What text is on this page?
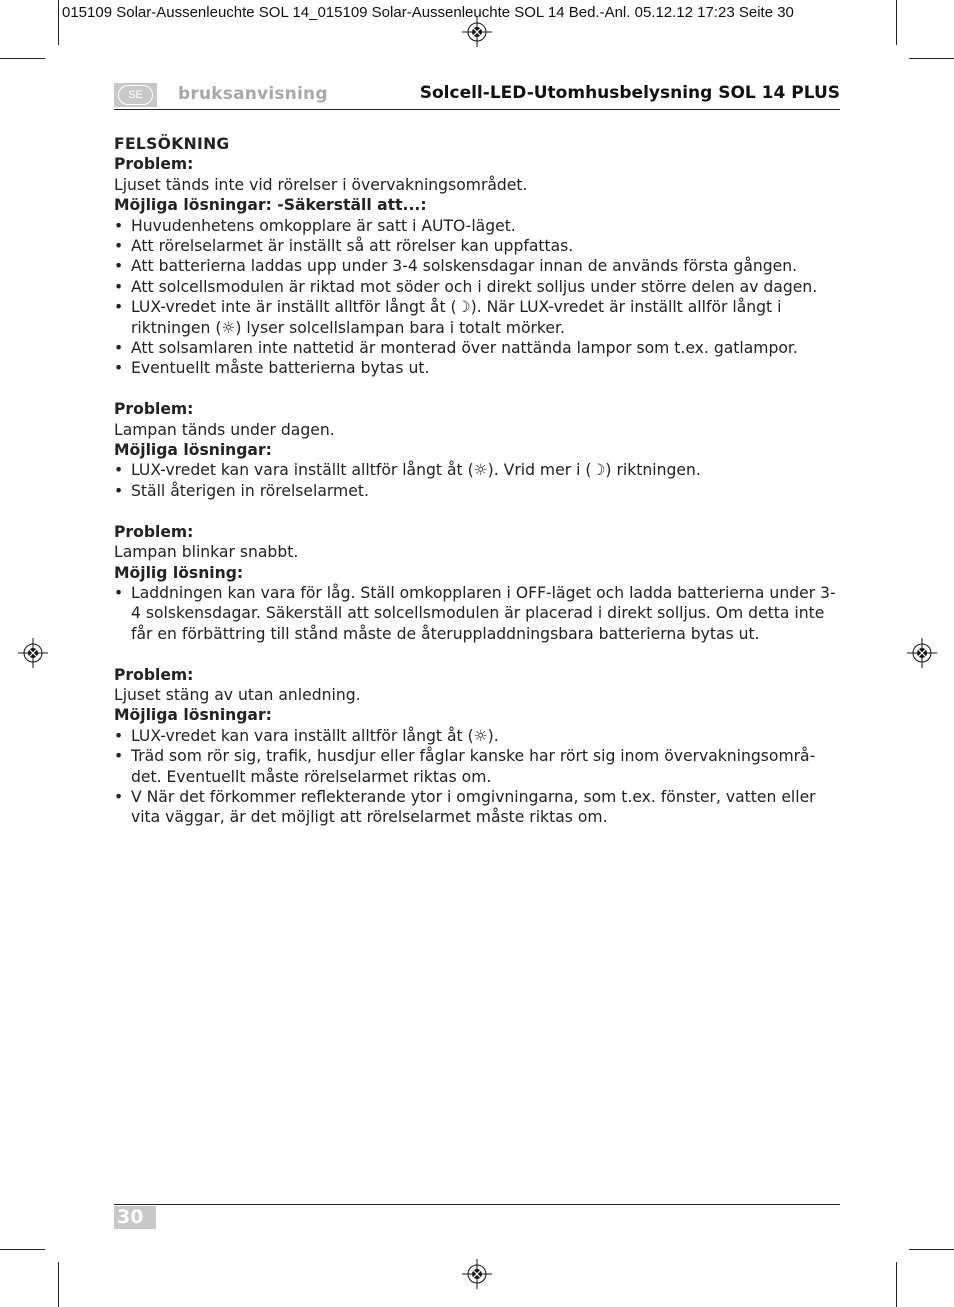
015109 Solar-Aussenleuchte SOL 14_015109 Solar-Aussenleuchte SOL 14 Bed.-Anl. 05.12.12 17:23 Seite 30
SE	bruksanvisning	Solcell-LED-Utomhusbelysning SOL 14 PLUS

FELSÖKNING

Problem:

Ljuset tänds inte vid rörelser i övervakningsområdet.

Möjliga lösningar: -Säkerställ att...:

• Huvudenhetens omkopplare är satt i AUTO-läget.
• Att rörelselarmet är inställt så att rörelser kan uppfattas.
• Att batterierna laddas upp under 3-4 solskensdagar innan de används första gången.
• Att solcellsmodulen är riktad mot söder och i direkt solljus under större delen av dagen.
• LUX-vredet inte är inställt alltför långt åt (☽). När LUX-vredet är inställt allför långt i riktningen (☼) lyser solcellslampan bara i totalt mörker.
• Att solsamlaren inte nattetid är monterad över nattända lampor som t.ex. gatlampor.
• Eventuellt måste batterierna bytas ut.

Problem:

Lampan tänds under dagen.

Möjliga lösningar:

• LUX-vredet kan vara inställt alltför långt åt (☼). Vrid mer i (☽) riktningen.
• Ställ återigen in rörelselarmet.

Problem:

Lampan blinkar snabbt.

Möjlig lösning:

• Laddningen kan vara för låg. Ställ omkopplaren i OFF-läget och ladda batterierna under 3-4 solskensdagar. Säkerställ att solcellsmodulen är placerad i direkt solljus. Om detta inte får en förbättring till stånd måste de återuppladdningsbara batterierna bytas ut.

Problem:

Ljuset stäng av utan anledning.

Möjliga lösningar:

• LUX-vredet kan vara inställt alltför långt åt (☼).
• Träd som rör sig, trafik, husdjur eller fåglar kanske har rört sig inom övervakningsområ-det. Eventuellt måste rörelselarmet riktas om.
• V När det förkommer reflekterande ytor i omgivningarna, som t.ex. fönster, vatten eller vita väggar, är det möjligt att rörelselarmet måste riktas om.
30
